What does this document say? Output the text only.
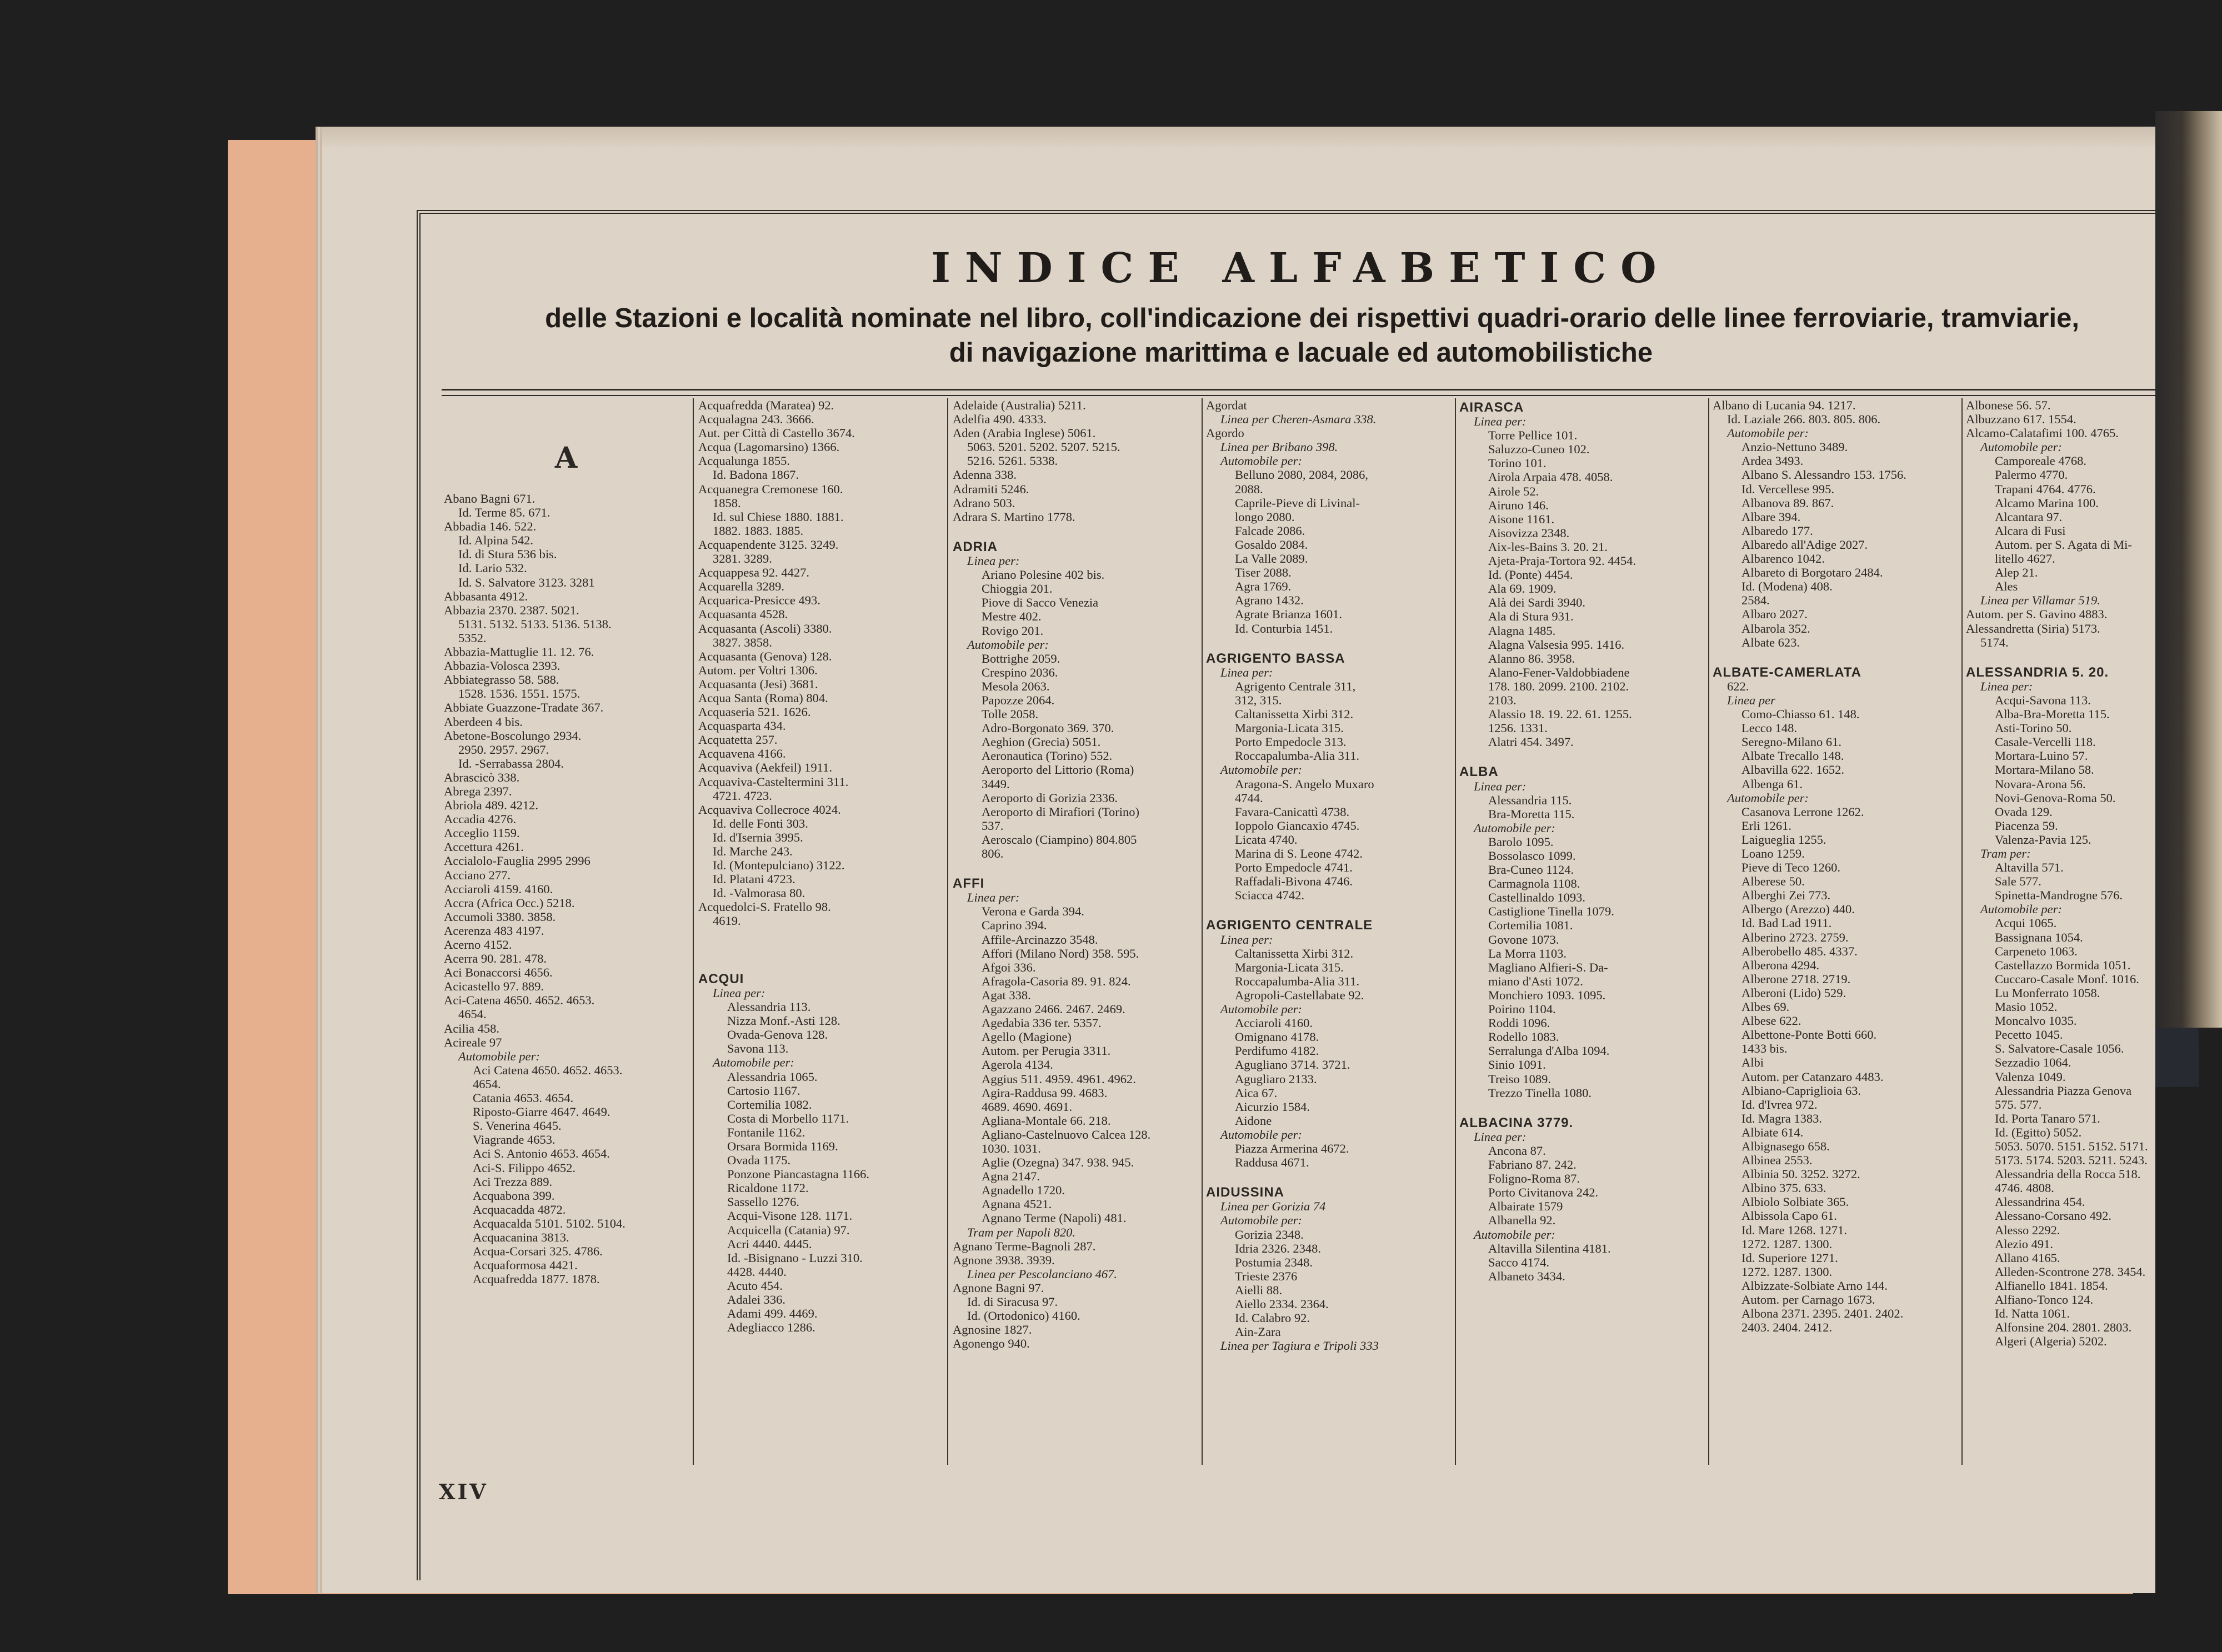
INDICE ALFABETICO
delle Stazioni e località nominate nel libro, coll'indicazione dei rispettivi quadri-orario delle linee ferroviarie, tramviarie,
di navigazione marittima e lacuale ed automobilistiche
A
Abano Bagni 671.
Id. Terme 85. 671.
Abbadia 146. 522.
Id. Alpina 542.
Id. di Stura 536 bis.
Id. Lario 532.
Id. S. Salvatore 3123. 3281
Abbasanta 4912.
Abbazia 2370. 2387. 5021.
5131. 5132. 5133. 5136. 5138.
5352.
Abbazia-Mattuglie 11. 12. 76.
Abbazia-Volosca 2393.
Abbiategrasso 58. 588.
1528. 1536. 1551. 1575.
Abbiate Guazzone-Tradate 367.
Aberdeen 4 bis.
Abetone-Boscolungo 2934.
2950. 2957. 2967.
Id. -Serrabassa 2804.
Abrascicò 338.
Abrega 2397.
Abriola 489. 4212.
Accadia 4276.
Acceglio 1159.
Accettura 4261.
Accialolo-Fauglia 2995 2996
Acciano 277.
Acciaroli 4159. 4160.
Accra (Africa Occ.) 5218.
Accumoli 3380. 3858.
Acerenza 483 4197.
Acerno 4152.
Acerra 90. 281. 478.
Aci Bonaccorsi 4656.
Acicastello 97. 889.
Aci-Catena 4650. 4652. 4653.
4654.
Acilia 458.
Acireale 97
Automobile per:
Aci Catena 4650. 4652. 4653.
4654.
Catania 4653. 4654.
Riposto-Giarre 4647. 4649.
S. Venerina 4645.
Viagrande 4653.
Aci S. Antonio 4653. 4654.
Aci-S. Filippo 4652.
Aci Trezza 889.
Acquabona 399.
Acquacadda 4872.
Acquacalda 5101. 5102. 5104.
Acquacanina 3813.
Acqua-Corsari 325. 4786.
Acquaformosa 4421.
Acquafredda 1877. 1878.
Acquafredda (Maratea) 92.
Acqualagna 243. 3666.
Aut. per Città di Castello 3674.
Acqua (Lagomarsino) 1366.
Acqualunga 1855.
Id. Badona 1867.
Acquanegra Cremonese 160.
1858.
Id. sul Chiese 1880. 1881.
1882. 1883. 1885.
Acquapendente 3125. 3249.
3281. 3289.
Acquappesa 92. 4427.
Acquarella 3289.
Acquarica-Presicce 493.
Acquasanta 4528.
Acquasanta (Ascoli) 3380.
3827. 3858.
Acquasanta (Genova) 128.
Autom. per Voltri 1306.
Acquasanta (Jesi) 3681.
Acqua Santa (Roma) 804.
Acquaseria 521. 1626.
Acquasparta 434.
Acquatetta 257.
Acquavena 4166.
Acquaviva (Aekfeil) 1911.
Acquaviva-Casteltermini 311.
4721. 4723.
Acquaviva Collecroce 4024.
Id. delle Fonti 303.
Id. d'Isernia 3995.
Id. Marche 243.
Id. (Montepulciano) 3122.
Id. Platani 4723.
Id. -Valmorasa 80.
Acquedolci-S. Fratello 98.
4619.

ACQUI
Linea per:
Alessandria 113.
Nizza Monf.-Asti 128.
Ovada-Genova 128.
Savona 113.
Automobile per:
Alessandria 1065.
Cartosio 1167.
Cortemilia 1082.
Costa di Morbello 1171.
Fontanile 1162.
Orsara Bormida 1169.
Ovada 1175.
Ponzone Piancastagna 1166.
Ricaldone 1172.
Sassello 1276.
Acqui-Visone 128. 1171.
Acquicella (Catania) 97.
Acri 4440. 4445.
Id. -Bisignano - Luzzi 310.
4428. 4440.
Acuto 454.
Adalei 336.
Adami 499. 4469.
Adegliacco 1286.
Adelaide (Australia) 5211.
Adelfia 490. 4333.
Aden (Arabia Inglese) 5061.
5063. 5201. 5202. 5207. 5215.
5216. 5261. 5338.
Adenna 338.
Adramiti 5246.
Adrano 503.
Adrara S. Martino 1778.

ADRIA
Linea per:
Ariano Polesine 402 bis.
Chioggia 201.
Piove di Sacco Venezia
Mestre 402.
Rovigo 201.
Automobile per:
Bottrighe 2059.
Crespino 2036.
Mesola 2063.
Papozze 2064.
Tolle 2058.
Adro-Borgonato 369. 370.
Aeghion (Grecia) 5051.
Aeronautica (Torino) 552.
Aeroporto del Littorio (Roma)
3449.
Aeroporto di Gorizia 2336.
Aeroporto di Mirafiori (Torino)
537.
Aeroscalo (Ciampino) 804.805
806.

AFFI
Linea per:
Verona e Garda 394.
Caprino 394.
Affile-Arcinazzo 3548.
Affori (Milano Nord) 358. 595.
Afgoi 336.
Afragola-Casoria 89. 91. 824.
Agat 338.
Agazzano 2466. 2467. 2469.
Agedabia 336 ter. 5357.
Agello (Magione)
Autom. per Perugia 3311.
Agerola 4134.
Aggius 511. 4959. 4961. 4962.
Agira-Raddusa 99. 4683.
4689. 4690. 4691.
Agliana-Montale 66. 218.
Agliano-Castelnuovo Calcea 128.
1030. 1031.
Aglie (Ozegna) 347. 938. 945.
Agna 2147.
Agnadello 1720.
Agnana 4521.
Agnano Terme (Napoli) 481.
Tram per Napoli 820.
Agnano Terme-Bagnoli 287.
Agnone 3938. 3939.
Linea per Pescolanciano 467.
Agnone Bagni 97.
Id. di Siracusa 97.
Id. (Ortodonico) 4160.
Agnosine 1827.
Agonengo 940.
Agordat
Linea per Cheren-Asmara 338.
Agordo
Linea per Bribano 398.
Automobile per:
Belluno 2080, 2084, 2086,
2088.
Caprile-Pieve di Livinal-
longo 2080.
Falcade 2086.
Gosaldo 2084.
La Valle 2089.
Tiser 2088.
Agra 1769.
Agrano 1432.
Agrate Brianza 1601.
Id. Conturbia 1451.

AGRIGENTO BASSA
Linea per:
Agrigento Centrale 311,
312, 315.
Caltanissetta Xirbi 312.
Margonia-Licata 315.
Porto Empedocle 313.
Roccapalumba-Alia 311.
Automobile per:
Aragona-S. Angelo Muxaro
4744.
Favara-Canicattì 4738.
Ioppolo Giancaxio 4745.
Licata 4740.
Marina di S. Leone 4742.
Porto Empedocle 4741.
Raffadali-Bivona 4746.
Sciacca 4742.

AGRIGENTO CENTRALE
Linea per:
Caltanissetta Xirbi 312.
Margonia-Licata 315.
Roccapalumba-Alia 311.
Agropoli-Castellabate 92.
Automobile per:
Acciaroli 4160.
Omignano 4178.
Perdifumo 4182.
Agugliano 3714. 3721.
Agugliaro 2133.
Aica 67.
Aicurzio 1584.
Aidone
Automobile per:
Piazza Armerina 4672.
Raddusa 4671.

AIDUSSINA
Linea per Gorizia 74
Automobile per:
Gorizia 2348.
Idria 2326. 2348.
Postumia 2348.
Trieste 2376
Aielli 88.
Aiello 2334. 2364.
Id. Calabro 92.
Ain-Zara
Linea per Tagiura e Tripoli 333
AIRASCA
Linea per:
Torre Pellice 101.
Saluzzo-Cuneo 102.
Torino 101.
Airola Arpaia 478. 4058.
Airole 52.
Airuno 146.
Aisone 1161.
Aisovizza 2348.
Aix-les-Bains 3. 20. 21.
Ajeta-Praja-Tortora 92. 4454.
Id. (Ponte) 4454.
Ala 69. 1909.
Alà dei Sardi 3940.
Ala di Stura 931.
Alagna 1485.
Alagna Valsesia 995. 1416.
Alanno 86. 3958.
Alano-Fener-Valdobbiadene
178. 180. 2099. 2100. 2102.
2103.
Alassio 18. 19. 22. 61. 1255.
1256. 1331.
Alatri 454. 3497.

ALBA
Linea per:
Alessandria 115.
Bra-Moretta 115.
Automobile per:
Barolo 1095.
Bossolasco 1099.
Bra-Cuneo 1124.
Carmagnola 1108.
Castellinaldo 1093.
Castiglione Tinella 1079.
Cortemilia 1081.
Govone 1073.
La Morra 1103.
Magliano Alfieri-S. Da-
miano d'Asti 1072.
Monchiero 1093. 1095.
Poirino 1104.
Roddi 1096.
Rodello 1083.
Serralunga d'Alba 1094.
Sinio 1091.
Treiso 1089.
Trezzo Tinella 1080.

ALBACINA 3779.
Linea per:
Ancona 87.
Fabriano 87. 242.
Foligno-Roma 87.
Porto Civitanova 242.
Albairate 1579
Albanella 92.
Automobile per:
Altavilla Silentina 4181.
Sacco 4174.
Albaneto 3434.
Albano di Lucania 94. 1217.
Id. Laziale 266. 803. 805. 806.
Automobile per:
Anzio-Nettuno 3489.
Ardea 3493.
Albano S. Alessandro 153. 1756.
Id. Vercellese 995.
Albanova 89. 867.
Albare 394.
Albaredo 177.
Albaredo all'Adige 2027.
Albarenco 1042.
Albareto di Borgotaro 2484.
Id. (Modena) 408.
2584.
Albaro 2027.
Albarola 352.
Albate 623.

ALBATE-CAMERLATA
622.
Linea per
Como-Chiasso 61. 148.
Lecco 148.
Seregno-Milano 61.
Albate Trecallo 148.
Albavilla 622. 1652.
Albenga 61.
Automobile per:
Casanova Lerrone 1262.
Erli 1261.
Laigueglia 1255.
Loano 1259.
Pieve di Teco 1260.
Alberese 50.
Alberghi Zei 773.
Albergo (Arezzo) 440.
Id. Bad Lad 1911.
Alberino 2723. 2759.
Alberobello 485. 4337.
Alberona 4294.
Alberone 2718. 2719.
Alberoni (Lido) 529.
Albes 69.
Albese 622.
Albettone-Ponte Botti 660.
1433 bis.
Albi
Autom. per Catanzaro 4483.
Albiano-Capriglioia 63.
Id. d'Ivrea 972.
Id. Magra 1383.
Albiate 614.
Albignasego 658.
Albinea 2553.
Albinia 50. 3252. 3272.
Albino 375. 633.
Albiolo Solbiate 365.
Albissola Capo 61.
Id. Mare 1268. 1271.
1272. 1287. 1300.
Id. Superiore 1271.
1272. 1287. 1300.
Albizzate-Solbiate Arno 144.
Autom. per Carnago 1673.
Albona 2371. 2395. 2401. 2402.
2403. 2404. 2412.
Albonese 56. 57.
Albuzzano 617. 1554.
Alcamo-Calatafimi 100. 4765.
Automobile per:
Camporeale 4768.
Palermo 4770.
Trapani 4764. 4776.
Alcamo Marina 100.
Alcantara 97.
Alcara di Fusi
Autom. per S. Agata di Mi-
litello 4627.
Alep 21.
Ales
Linea per Villamar 519.
Autom. per S. Gavino 4883.
Alessandretta (Siria) 5173.
5174.

ALESSANDRIA 5. 20.
Linea per:
Acqui-Savona 113.
Alba-Bra-Moretta 115.
Asti-Torino 50.
Casale-Vercelli 118.
Mortara-Luino 57.
Mortara-Milano 58.
Novara-Arona 56.
Novi-Genova-Roma 50.
Ovada 129.
Piacenza 59.
Valenza-Pavia 125.
Tram per:
Altavilla 571.
Sale 577.
Spinetta-Mandrogne 576.
Automobile per:
Acqui 1065.
Bassignana 1054.
Carpeneto 1063.
Castellazzo Bormida 1051.
Cuccaro-Casale Monf. 1016.
Lu Monferrato 1058.
Masio 1052.
Moncalvo 1035.
Pecetto 1045.
S. Salvatore-Casale 1056.
Sezzadio 1064.
Valenza 1049.
Alessandria Piazza Genova
575. 577.
Id. Porta Tanaro 571.
Id. (Egitto) 5052.
5053. 5070. 5151. 5152. 5171.
5173. 5174. 5203. 5211. 5243.
Alessandria della Rocca 518.
4746. 4808.
Alessandrina 454.
Alessano-Corsano 492.
Alesso 2292.
Alezio 491.
Allano 4165.
Alleden-Scontrone 278. 3454.
Alfianello 1841. 1854.
Alfiano-Tonco 124.
Id. Natta 1061.
Alfonsine 204. 2801. 2803.
Algeri (Algeria) 5202.
XIV
